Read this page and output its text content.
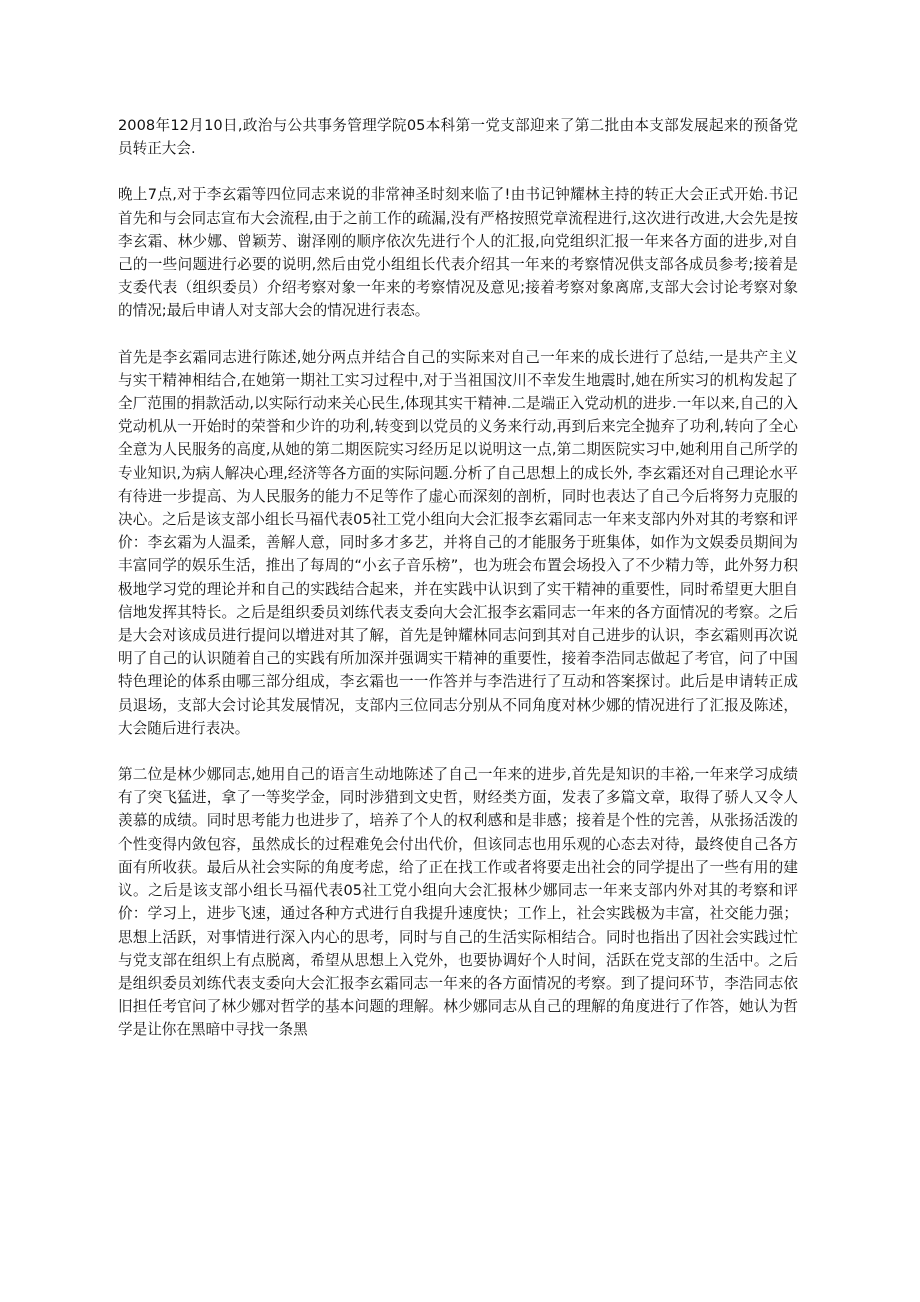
2008年12月10日,政治与公共事务管理学院05本科第一党支部迎来了第二批由本支部发展起来的预备党员转正大会.

晚上7点,对于李玄霜等四位同志来说的非常神圣时刻来临了!由书记钟耀林主持的转正大会正式开始.书记首先和与会同志宣布大会流程,由于之前工作的疏漏,没有严格按照党章流程进行,这次进行改进,大会先是按李玄霜、林少娜、曾颖芳、谢泽刚的顺序依次先进行个人的汇报,向党组织汇报一年来各方面的进步,对自己的一些问题进行必要的说明,然后由党小组组长代表介绍其一年来的考察情况供支部各成员参考;接着是支委代表（组织委员）介绍考察对象一年来的考察情况及意见;接着考察对象离席,支部大会讨论考察对象的情况;最后申请人对支部大会的情况进行表态。

首先是李玄霜同志进行陈述,她分两点并结合自己的实际来对自己一年来的成长进行了总结,一是共产主义与实干精神相结合,在她第一期社工实习过程中,对于当祖国汶川不幸发生地震时,她在所实习的机构发起了全厂范围的捐款活动,以实际行动来关心民生,体现其实干精神.二是端正入党动机的进步.一年以来,自己的入党动机从一开始时的荣誉和少许的功利,转变到以党员的义务来行动,再到后来完全抛弃了功利,转向了全心全意为人民服务的高度,从她的第二期医院实习经历足以说明这一点,第二期医院实习中,她利用自己所学的专业知识,为病人解决心理,经济等各方面的实际问题.分析了自己思想上的成长外, 李玄霜还对自己理论水平有待进一步提高、为人民服务的能力不足等作了虚心而深刻的剖析，同时也表达了自己今后将努力克服的决心。之后是该支部小组长马福代表05社工党小组向大会汇报李玄霜同志一年来支部内外对其的考察和评价：李玄霜为人温柔，善解人意，同时多才多艺，并将自己的才能服务于班集体，如作为文娱委员期间为丰富同学的娱乐生活，推出了每周的“小玄子音乐榜”，也为班会布置会场投入了不少精力等，此外努力积极地学习党的理论并和自己的实践结合起来，并在实践中认识到了实干精神的重要性，同时希望更大胆自信地发挥其特长。之后是组织委员刘练代表支委向大会汇报李玄霜同志一年来的各方面情况的考察。之后是大会对该成员进行提问以增进对其了解，首先是钟耀林同志问到其对自己进步的认识，李玄霜则再次说明了自己的认识随着自己的实践有所加深并强调实干精神的重要性，接着李浩同志做起了考官，问了中国特色理论的体系由哪三部分组成，李玄霜也一一作答并与李浩进行了互动和答案探讨。此后是申请转正成员退场，支部大会讨论其发展情况，支部内三位同志分别从不同角度对林少娜的情况进行了汇报及陈述，大会随后进行表决。

第二位是林少娜同志,她用自己的语言生动地陈述了自己一年来的进步,首先是知识的丰裕,一年来学习成绩有了突飞猛进，拿了一等奖学金，同时涉猎到文史哲，财经类方面，发表了多篇文章，取得了骄人又令人羡慕的成绩。同时思考能力也进步了，培养了个人的权利感和是非感；接着是个性的完善，从张扬活泼的个性变得内敛包容，虽然成长的过程难免会付出代价，但该同志也用乐观的心态去对待，最终使自己各方面有所收获。最后从社会实际的角度考虑，给了正在找工作或者将要走出社会的同学提出了一些有用的建议。之后是该支部小组长马福代表05社工党小组向大会汇报林少娜同志一年来支部内外对其的考察和评价：学习上，进步飞速，通过各种方式进行自我提升速度快；工作上，社会实践极为丰富，社交能力强；思想上活跃，对事情进行深入内心的思考，同时与自己的生活实际相结合。同时也指出了因社会实践过忙与党支部在组织上有点脱离，希望从思想上入党外，也要协调好个人时间，活跃在党支部的生活中。之后是组织委员刘练代表支委向大会汇报李玄霜同志一年来的各方面情况的考察。到了提问环节，李浩同志依旧担任考官问了林少娜对哲学的基本问题的理解。林少娜同志从自己的理解的角度进行了作答，她认为哲学是让你在黑暗中寻找一条黑
